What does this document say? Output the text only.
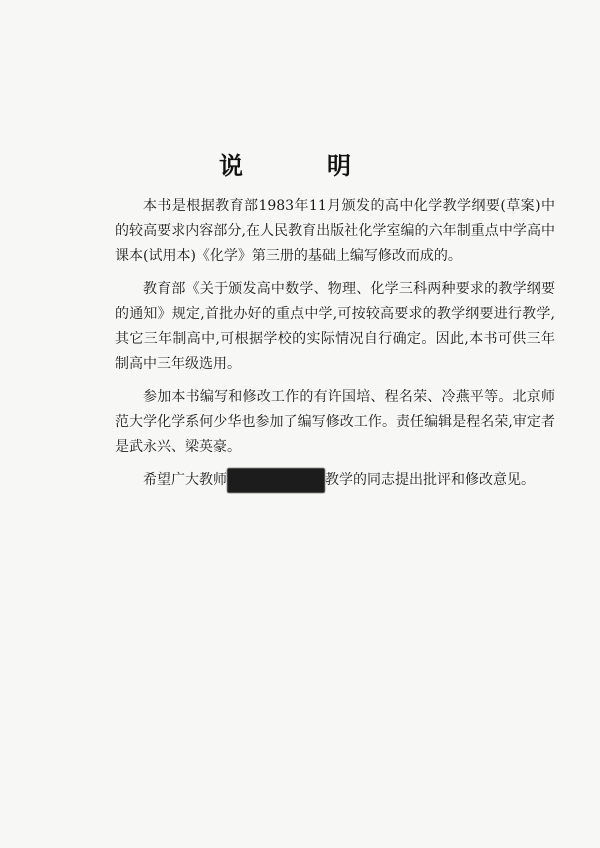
说　明

本书是根据教育部1983年11月颁发的高中化学教学纲要(草案)中的较高要求内容部分,在人民教育出版社化学室编的六年制重点中学高中课本(试用本)《化学》第三册的基础上编写修改而成的。

教育部《关于颁发高中数学、物理、化学三科两种要求的教学纲要的通知》规定,首批办好的重点中学,可按较高要求的教学纲要进行教学,其它三年制高中,可根据学校的实际情况自行确定。因此,本书可供三年制高中三年级选用。

参加本书编写和修改工作的有许国培、程名荣、冷燕平等。北京师范大学化学系何少华也参加了编写修改工作。责任编辑是程名荣,审定者是武永兴、梁英豪。

希望广大教师	教学的同志提出批评和修改意见。
